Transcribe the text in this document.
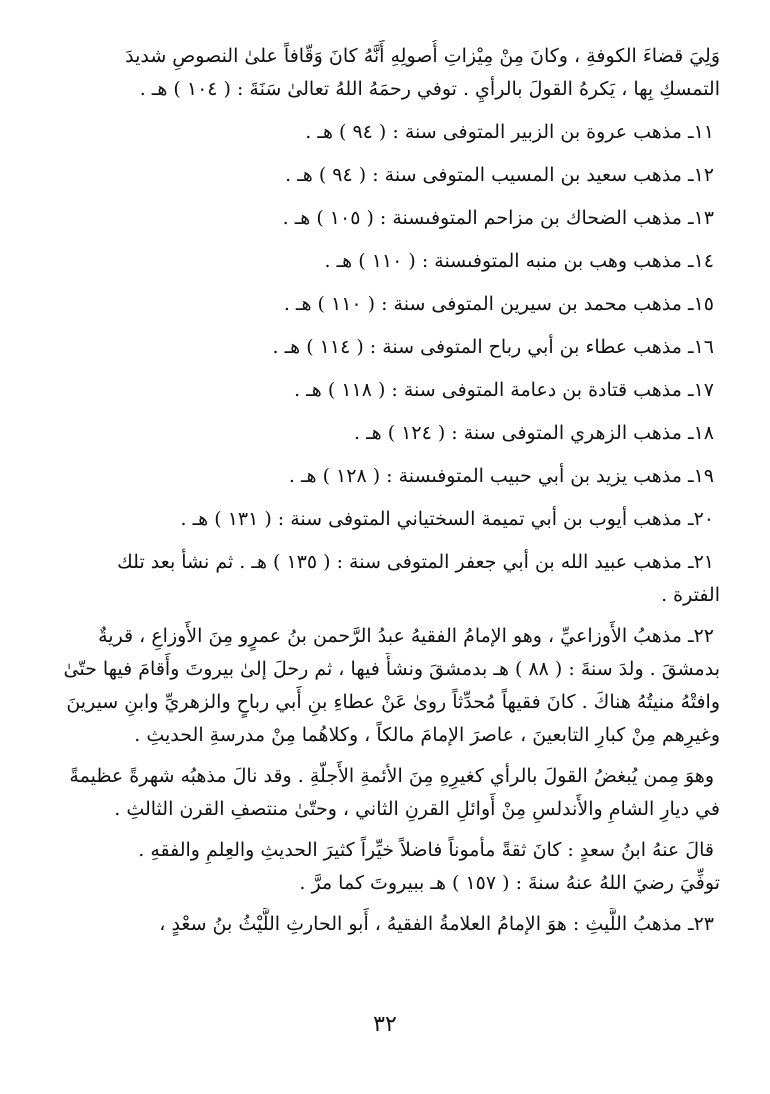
وَلِيَ قضاءَ الكوفةِ ، وكانَ مِنْ مِيْزاتِ أُصولِهِ أَنَّهُ كانَ وَقّافاً علىٰ النصوصِ شديدَ
التمسكِ بِها ، يَكرهُ القولَ بالرأيِ . توفي رحمَهُ اللهُ تعالىٰ سَنَةَ : ( ١٠٤ ) هـ .
١١ـ مذهب عروة بن الزبير المتوفى سنة : ( ٩٤ ) هـ .
١٢ـ مذهب سعيد بن المسيب المتوفى سنة : ( ٩٤ ) هـ .
١٣ـ مذهب الضحاك بن مزاحم المتوفىسنة : ( ١٠٥ ) هـ .
١٤ـ مذهب وهب بن منبه المتوفىسنة : ( ١١٠ ) هـ .
١٥ـ مذهب محمد بن سيرين المتوفى سنة : ( ١١٠ ) هـ .
١٦ـ مذهب عطاء بن أبي رباح المتوفى سنة : ( ١١٤ ) هـ .
١٧ـ مذهب قتادة بن دعامة المتوفى سنة : ( ١١٨ ) هـ .
١٨ـ مذهب الزهري المتوفى سنة : ( ١٢٤ ) هـ .
١٩ـ مذهب يزيد بن أبي حبيب المتوفىسنة : ( ١٢٨ ) هـ .
٢٠ـ مذهب أيوب بن أبي تميمة السختياني المتوفى سنة : ( ١٣١ ) هـ .
٢١ـ مذهب عبيد الله بن أبي جعفر المتوفى سنة : ( ١٣٥ ) هـ . ثم نشأ بعد تلك
الفترة .
٢٢ـ مذهبُ الأَوزاعيِّ ، وهو الإمامُ الفقيهُ عبدُ الرَّحمن بنُ عمرٍو مِنَ الأَوزاعِ ، قريةٌ
بدمشقَ . ولدَ سنةَ : ( ٨٨ ) هـ بدمشقَ ونشأَ فيها ، ثم رحلَ إلىٰ بيروتَ وأَقامَ فيها حتّىٰ
وافتْهُ منيتُهُ هناكَ . كانَ فقيهاً مُحدِّثاً روىٰ عَنْ عطاءِ بنِ أَبي رباحٍ والزهريِّ وابنِ سيرينَ
وغيرِهم مِنْ كبارِ التابعينَ ، عاصرَ الإمامَ مالكاً ، وكلاهُما مِنْ مدرسةِ الحديثِ .
وهوَ مِمن يُبغضُ القولَ بالرأي كغيرِهِ مِنَ الأئمةِ الأَجلّةِ . وقد نالَ مذهبُه شهرةً عظيمةً
في ديارِ الشامِ والأَندلسِ مِنْ أَوائلِ القرنِ الثاني ، وحتّىٰ منتصفِ القرن الثالثِ .
قالَ عنهُ ابنُ سعدٍ : كانَ ثقةً مأموناً فاضلاً خيِّراً كثيرَ الحديثِ والعِلمِ والفقهِ .
توفِّيَ رضيَ اللهُ عنهُ سنةَ : ( ١٥٧ ) هـ ببيروتَ كما مرَّ .
٢٣ـ مذهبُ اللَّيثِ : هوَ الإمامُ العلامةُ الفقيهُ ، أَبو الحارثِ اللَّيْثُ بنُ سعْدٍ ،
٣٢
